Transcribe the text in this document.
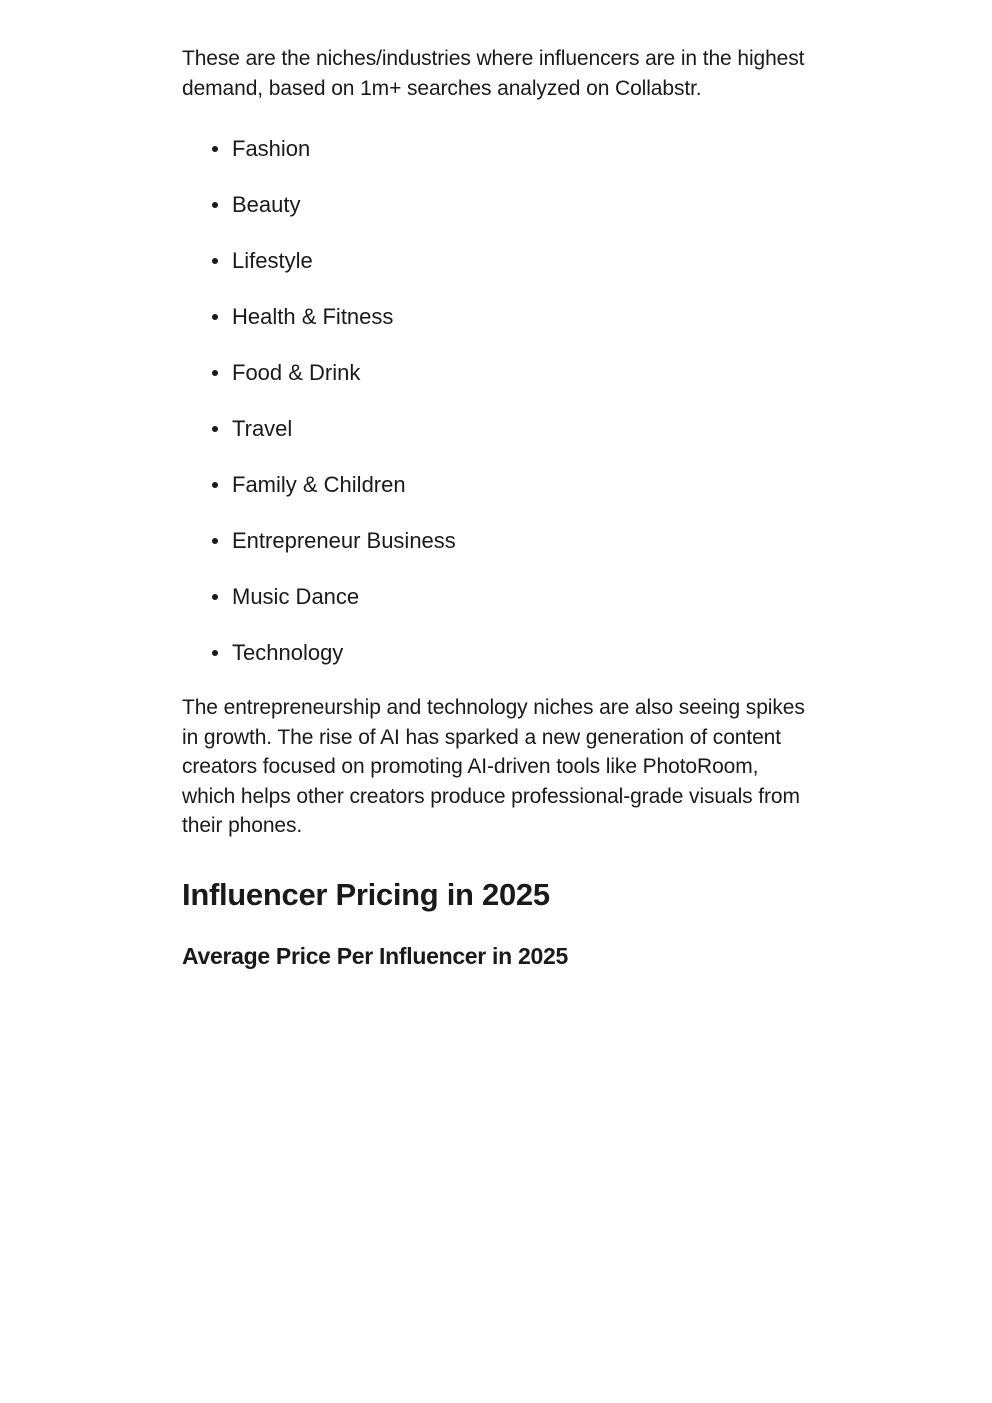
These are the niches/industries where influencers are in the highest demand, based on 1m+ searches analyzed on Collabstr.

Fashion
Beauty
Lifestyle
Health & Fitness
Food & Drink
Travel
Family & Children
Entrepreneur Business
Music Dance
Technology

The entrepreneurship and technology niches are also seeing spikes in growth. The rise of AI has sparked a new generation of content creators focused on promoting AI-driven tools like PhotoRoom, which helps other creators produce professional-grade visuals from their phones.

Influencer Pricing in 2025
Average Price Per Influencer in 2025
